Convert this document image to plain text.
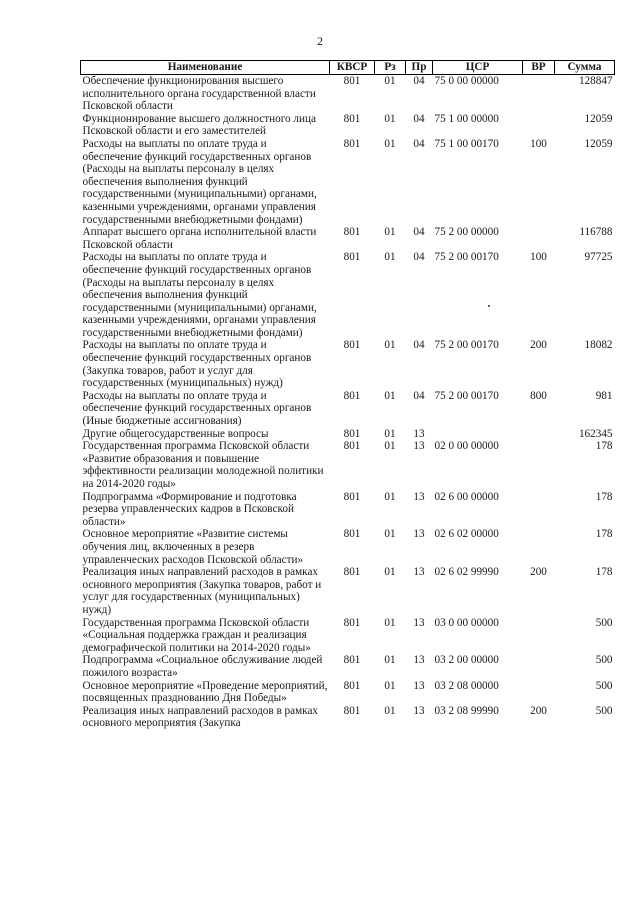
2
Наименование	КВСР	Рз	Пр	ЦСР	ВР	Сумма
Обеспечение функционирования высшего исполнительного органа государственной власти Псковской области	801	01	04	75 0 00 00000		128847
Функционирование высшего должностного лица Псковской области и его заместителей	801	01	04	75 1 00 00000		12059
Расходы на выплаты по оплате труда и обеспечение функций государственных органов (Расходы на выплаты персоналу в целях обеспечения выполнения функций государственными (муниципальными) органами, казенными учреждениями, органами управления государственными внебюджетными фондами)	801	01	04	75 1 00 00170	100	12059
Аппарат высшего органа исполнительной власти Псковской области	801	01	04	75 2 00 00000		116788
Расходы на выплаты по оплате труда и обеспечение функций государственных органов (Расходы на выплаты персоналу в целях обеспечения выполнения функций государственными (муниципальными) органами, казенными учреждениями, органами управления государственными внебюджетными фондами)	801	01	04	75 2 00 00170	100	97725
Расходы на выплаты по оплате труда и обеспечение функций государственных органов (Закупка товаров, работ и услуг для государственных (муниципальных) нужд)	801	01	04	75 2 00 00170	200	18082
Расходы на выплаты по оплате труда и обеспечение функций государственных органов (Иные бюджетные ассигнования)	801	01	04	75 2 00 00170	800	981
Другие общегосударственные вопросы	801	01	13			162345
Государственная программа Псковской области «Развитие образования и повышение эффективности реализации молодежной политики на 2014-2020 годы»	801	01	13	02 0 00 00000		178
Подпрограмма «Формирование и подготовка резерва управленческих кадров в Псковской области»	801	01	13	02 6 00 00000		178
Основное мероприятие «Развитие системы обучения лиц, включенных в резерв управленческих расходов Псковской области»	801	01	13	02 6 02 00000		178
Реализация иных направлений расходов в рамках основного мероприятия (Закупка товаров, работ и услуг для государственных (муниципальных) нужд)	801	01	13	02 6 02 99990	200	178
Государственная программа Псковской области «Социальная поддержка граждан и реализация демографической политики на 2014-2020 годы»	801	01	13	03 0 00 00000		500
Подпрограмма «Социальное обслуживание людей пожилого возраста»	801	01	13	03 2 00 00000		500
Основное мероприятие «Проведение мероприятий, посвященных празднованию Дня Победы»	801	01	13	03 2 08 00000		500
Реализация иных направлений расходов в рамках основного мероприятия (Закупка	801	01	13	03 2 08 99990	200	500
